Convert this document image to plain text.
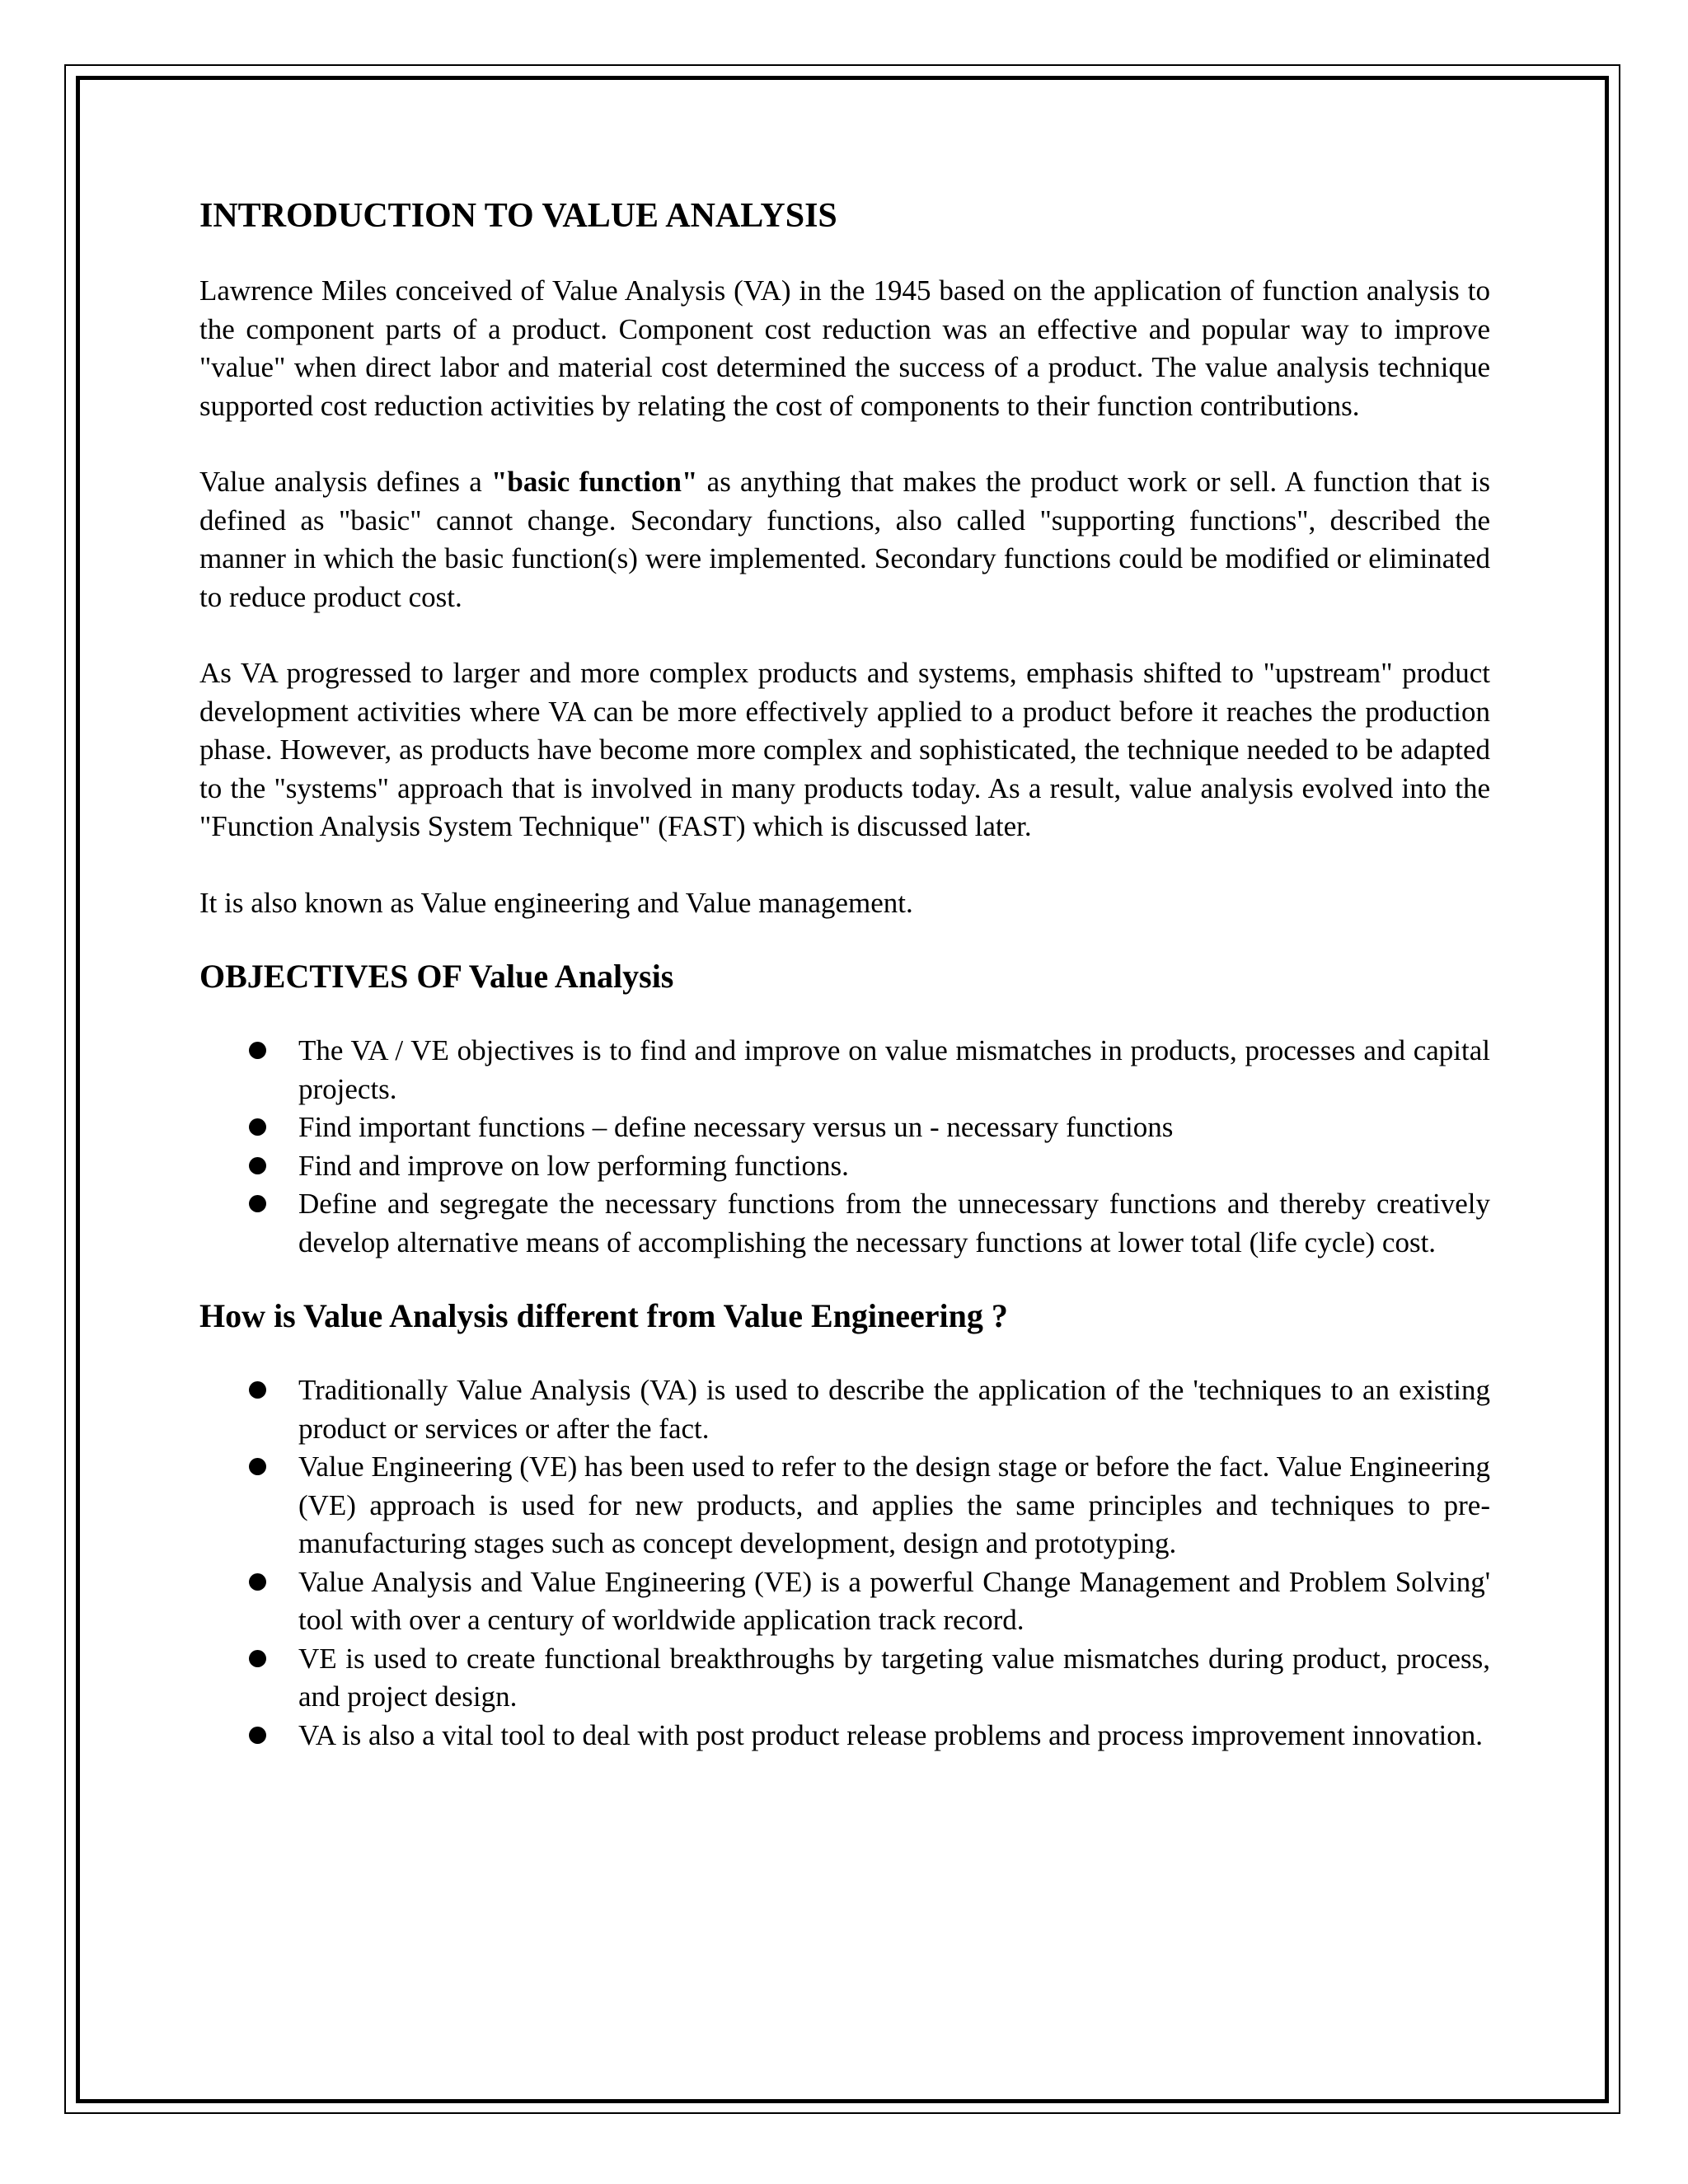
INTRODUCTION TO VALUE ANALYSIS

Lawrence Miles conceived of Value Analysis (VA) in the 1945 based on the application of function analysis to the component parts of a product. Component cost reduction was an effective and popular way to improve "value" when direct labor and material cost determined the success of a product. The value analysis technique supported cost reduction activities by relating the cost of components to their function contributions.

Value analysis defines a "basic function" as anything that makes the product work or sell. A function that is defined as "basic" cannot change. Secondary functions, also called "supporting functions", described the manner in which the basic function(s) were implemented. Secondary functions could be modified or eliminated to reduce product cost.

As VA progressed to larger and more complex products and systems, emphasis shifted to "upstream" product development activities where VA can be more effectively applied to a product before it reaches the production phase. However, as products have become more complex and sophisticated, the technique needed to be adapted to the "systems" approach that is involved in many products today. As a result, value analysis evolved into the "Function Analysis System Technique" (FAST) which is discussed later.

It is also known as Value engineering and Value management.

OBJECTIVES OF Value Analysis
The VA / VE objectives is to find and improve on value mismatches in products, processes and capital projects.
Find important functions – define necessary versus un - necessary functions
Find and improve on low performing functions.
Define and segregate the necessary functions from the unnecessary functions and thereby creatively develop alternative means of accomplishing the necessary functions at lower total (life cycle) cost.
How is Value Analysis different from Value Engineering ?
Traditionally Value Analysis (VA) is used to describe the application of the 'techniques to an existing product or services or after the fact.
Value Engineering (VE) has been used to refer to the design stage or before the fact. Value Engineering (VE) approach is used for new products, and applies the same principles and techniques to pre-manufacturing stages such as concept development, design and prototyping.
Value Analysis and Value Engineering (VE) is a powerful Change Management and Problem Solving' tool with over a century of worldwide application track record.
VE is used to create functional breakthroughs by targeting value mismatches during product, process, and project design.
VA is also a vital tool to deal with post product release problems and process improvement innovation.
